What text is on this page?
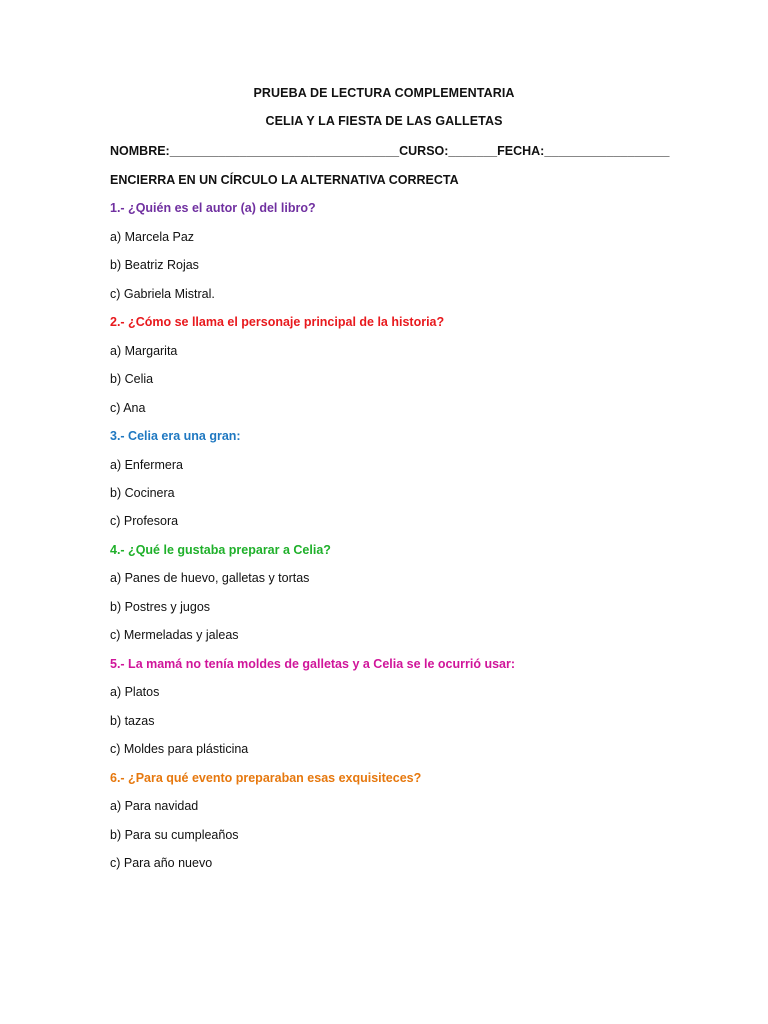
PRUEBA DE LECTURA COMPLEMENTARIA
CELIA Y LA FIESTA DE LAS GALLETAS
NOMBRE:_________________________________CURSO:_______FECHA:__________________
ENCIERRA EN UN CÍRCULO LA ALTERNATIVA CORRECTA
1.- ¿Quién es el autor (a) del libro?
a) Marcela Paz
b) Beatriz Rojas
c) Gabriela Mistral.
2.- ¿Cómo se llama el personaje principal de la historia?
a) Margarita
b) Celia
c) Ana
3.- Celia era una gran:
a) Enfermera
b) Cocinera
c) Profesora
4.- ¿Qué le gustaba preparar a Celia?
a) Panes de huevo, galletas y tortas
b) Postres y jugos
c) Mermeladas y jaleas
5.- La mamá no tenía moldes de galletas y a Celia se le ocurrió usar:
a) Platos
b) tazas
c) Moldes para plásticina
6.- ¿Para qué evento preparaban esas exquisiteces?
a) Para navidad
b) Para su cumpleaños
c) Para año nuevo
